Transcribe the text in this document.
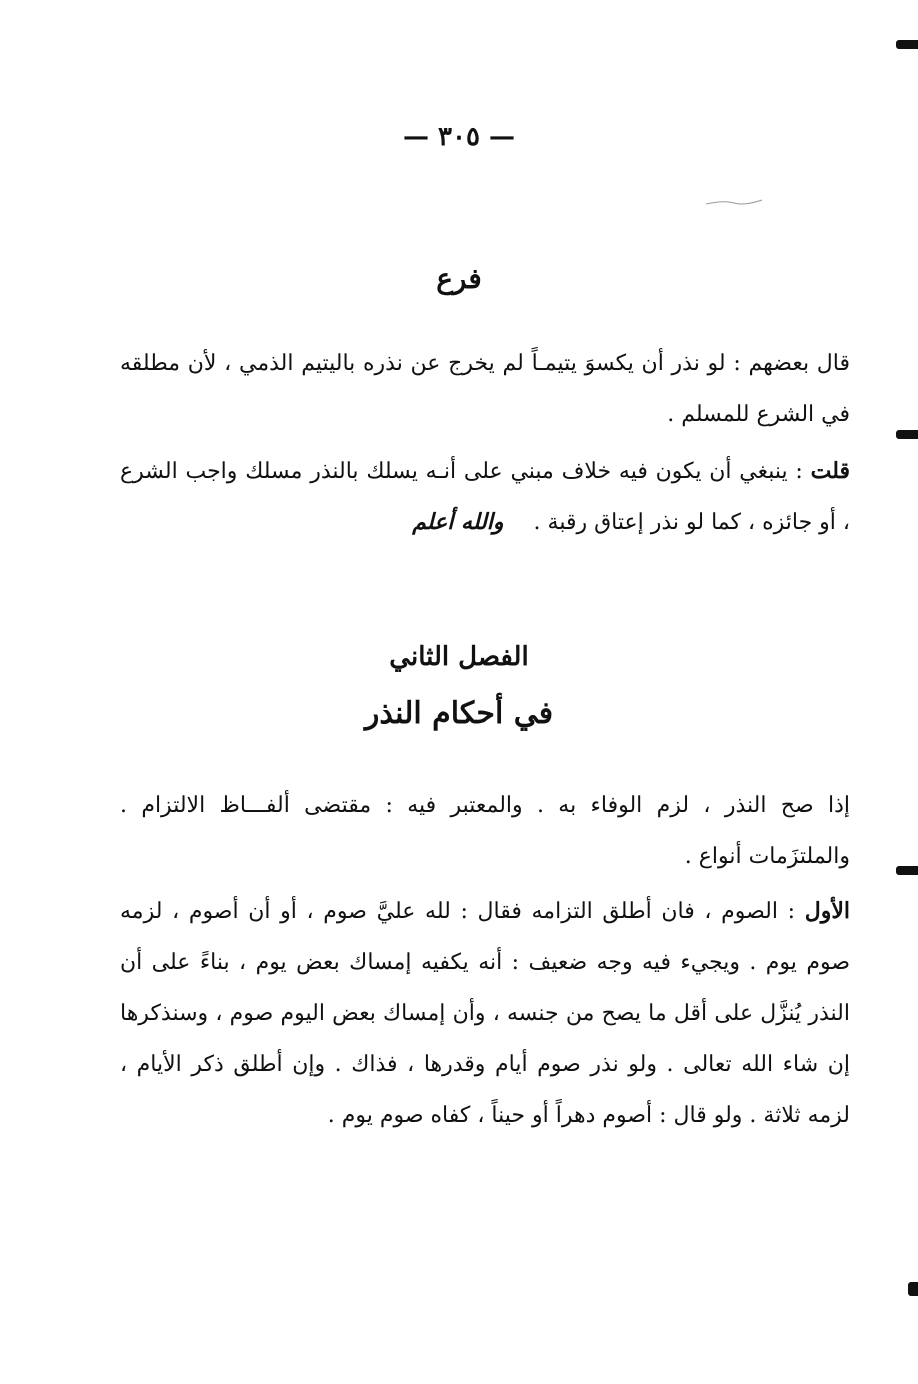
— ٣٠٥ —
فرع
قال بعضهم : لو نذر أن يكسوَ يتيمـاً لم يخرج عن نذره باليتيم الذمي ، لأن مطلقه في الشرع للمسلم .
قلت : ينبغي أن يكون فيه خلاف مبني على أنـه يسلك بالنذر مسلك واجب الشرع ، أو جائزه ، كما لو نذر إعتاق رقبة .والله أعلم
الفصل الثاني
في أحكام النذر
إذا صح النذر ، لزم الوفاء به . والمعتبر فيه : مقتضى ألفـــاظ الالتزام . والملتزَمات أنواع .
الأول : الصوم ، فان أطلق التزامه فقال : لله عليَّ صوم ، أو أن أصوم ، لزمه صوم يوم . ويجيء فيه وجه ضعيف : أنه يكفيه إمساك بعض يوم ، بناءً على أن النذر يُنزَّل على أقل ما يصح من جنسه ، وأن إمساك بعض اليوم صوم ، وسنذكرها إن شاء الله تعالى . ولو نذر صوم أيام وقدرها ، فذاك . وإن أطلق ذكر الأيام ، لزمه ثلاثة . ولو قال : أصوم دهراً أو حيناً ، كفاه صوم يوم .
